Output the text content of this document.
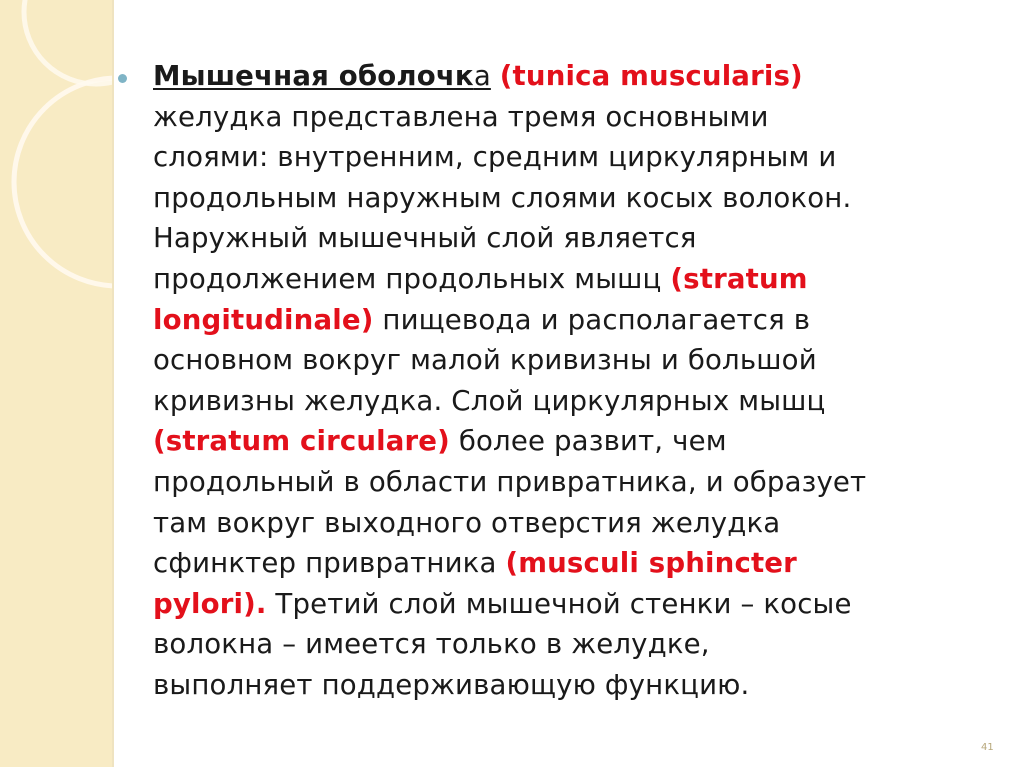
Мышечная оболочка (tunica muscularis)
желудка представлена тремя основными
слоями: внутренним, средним циркулярным и
продольным наружным слоями косых волокон.
Наружный мышечный слой является
продолжением продольных мышц (stratum
longitudinale) пищевода и располагается в
основном вокруг малой кривизны и большой
кривизны желудка. Слой циркулярных мышц
(stratum circulare) более развит, чем
продольный в области привратника, и образует
там вокруг выходного отверстия желудка
сфинктер привратника (musculi sphincter
pylori). Третий слой мышечной стенки – косые
волокна – имеется только в желудке,
выполняет поддерживающую функцию.

41
